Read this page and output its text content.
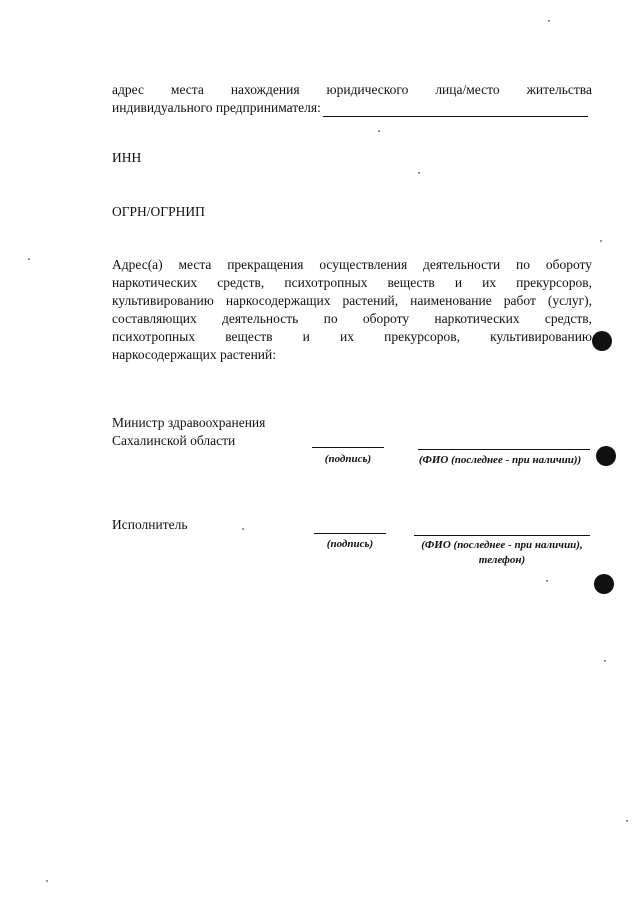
адрес места нахождения юридического лица/место жительства
индивидуального предпринимателя:
ИНН
ОГРН/ОГРНИП
Адрес(а) места прекращения осуществления деятельности по обороту
наркотических средств, психотропных веществ и их прекурсоров,
культивированию наркосодержащих растений, наименование работ (услуг),
составляющих деятельность по обороту наркотических средств,
психотропных веществ и их прекурсоров, культивированию
наркосодержащих растений:
Министр здравоохранения
Сахалинской области
(подпись)	(ФИО (последнее - при наличии))
Исполнитель
(подпись)	(ФИО (последнее - при наличии),
телефон)
